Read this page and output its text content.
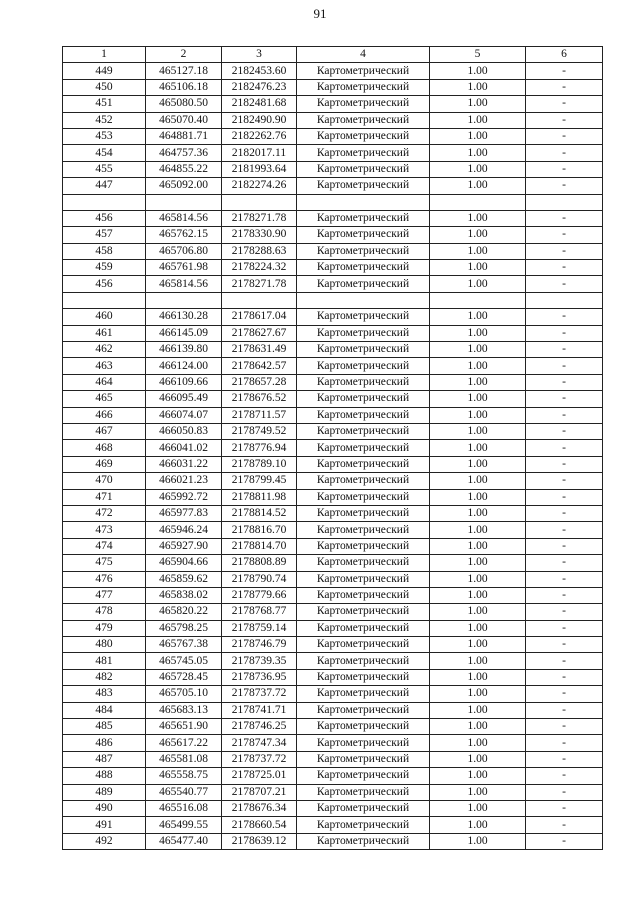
91
1	2	3	4	5	6
449	465127.18	2182453.60	Картометрический	1.00	-
450	465106.18	2182476.23	Картометрический	1.00	-
451	465080.50	2182481.68	Картометрический	1.00	-
452	465070.40	2182490.90	Картометрический	1.00	-
453	464881.71	2182262.76	Картометрический	1.00	-
454	464757.36	2182017.11	Картометрический	1.00	-
455	464855.22	2181993.64	Картометрический	1.00	-
447	465092.00	2182274.26	Картометрический	1.00	-

456	465814.56	2178271.78	Картометрический	1.00	-
457	465762.15	2178330.90	Картометрический	1.00	-
458	465706.80	2178288.63	Картометрический	1.00	-
459	465761.98	2178224.32	Картометрический	1.00	-
456	465814.56	2178271.78	Картометрический	1.00	-

460	466130.28	2178617.04	Картометрический	1.00	-
461	466145.09	2178627.67	Картометрический	1.00	-
462	466139.80	2178631.49	Картометрический	1.00	-
463	466124.00	2178642.57	Картометрический	1.00	-
464	466109.66	2178657.28	Картометрический	1.00	-
465	466095.49	2178676.52	Картометрический	1.00	-
466	466074.07	2178711.57	Картометрический	1.00	-
467	466050.83	2178749.52	Картометрический	1.00	-
468	466041.02	2178776.94	Картометрический	1.00	-
469	466031.22	2178789.10	Картометрический	1.00	-
470	466021.23	2178799.45	Картометрический	1.00	-
471	465992.72	2178811.98	Картометрический	1.00	-
472	465977.83	2178814.52	Картометрический	1.00	-
473	465946.24	2178816.70	Картометрический	1.00	-
474	465927.90	2178814.70	Картометрический	1.00	-
475	465904.66	2178808.89	Картометрический	1.00	-
476	465859.62	2178790.74	Картометрический	1.00	-
477	465838.02	2178779.66	Картометрический	1.00	-
478	465820.22	2178768.77	Картометрический	1.00	-
479	465798.25	2178759.14	Картометрический	1.00	-
480	465767.38	2178746.79	Картометрический	1.00	-
481	465745.05	2178739.35	Картометрический	1.00	-
482	465728.45	2178736.95	Картометрический	1.00	-
483	465705.10	2178737.72	Картометрический	1.00	-
484	465683.13	2178741.71	Картометрический	1.00	-
485	465651.90	2178746.25	Картометрический	1.00	-
486	465617.22	2178747.34	Картометрический	1.00	-
487	465581.08	2178737.72	Картометрический	1.00	-
488	465558.75	2178725.01	Картометрический	1.00	-
489	465540.77	2178707.21	Картометрический	1.00	-
490	465516.08	2178676.34	Картометрический	1.00	-
491	465499.55	2178660.54	Картометрический	1.00	-
492	465477.40	2178639.12	Картометрический	1.00	-
